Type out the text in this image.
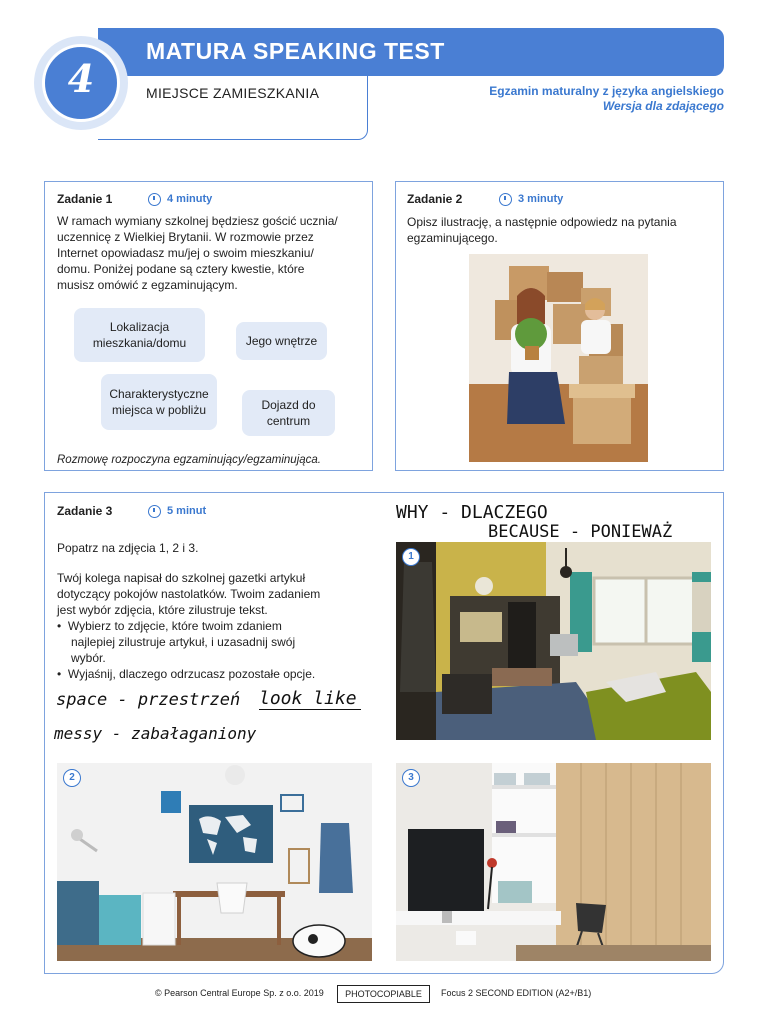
MATURA SPEAKING TEST
MIEJSCE ZAMIESZKANIA	Egzamin maturalny z języka angielskiego
Wersja dla zdającego
4
Zadanie 1	4 minuty
W ramach wymiany szkolnej będziesz gościć ucznia/
uczennicę z Wielkiej Brytanii. W rozmowie przez
Internet opowiadasz mu/jej o swoim mieszkaniu/
domu. Poniżej podane są cztery kwestie, które
musisz omówić z egzaminującym.
Lokalizacja mieszkania/domu	Jego wnętrze
Charakterystyczne miejsca w pobliżu	Dojazd do centrum
Rozmowę rozpoczyna egzaminujący/egzaminująca.
Zadanie 2	3 minuty
Opisz ilustrację, a następnie odpowiedz na pytania
egzaminującego.
Zadanie 3	5 minut
Popatrz na zdjęcia 1, 2 i 3.
Twój kolega napisał do szkolnej gazetki artykuł
dotyczący pokojów nastolatków. Twoim zadaniem
jest wybór zdjęcia, które zilustruje tekst.
•  Wybierz to zdjęcie, które twoim zdaniem
najlepiej zilustruje artykuł, i uzasadnij swój
wybór.
•  Wyjaśnij, dlaczego odrzucasz pozostałe opcje.
WHY - DLACZEGO
BECAUSE - PONIEWAŻ
space - przestrzeń look like
messy - zabałaganiony
1
2	3
© Pearson Central Europe Sp. z o.o. 2019	PHOTOCOPIABLE	Focus 2 SECOND EDITION (A2+/B1)
